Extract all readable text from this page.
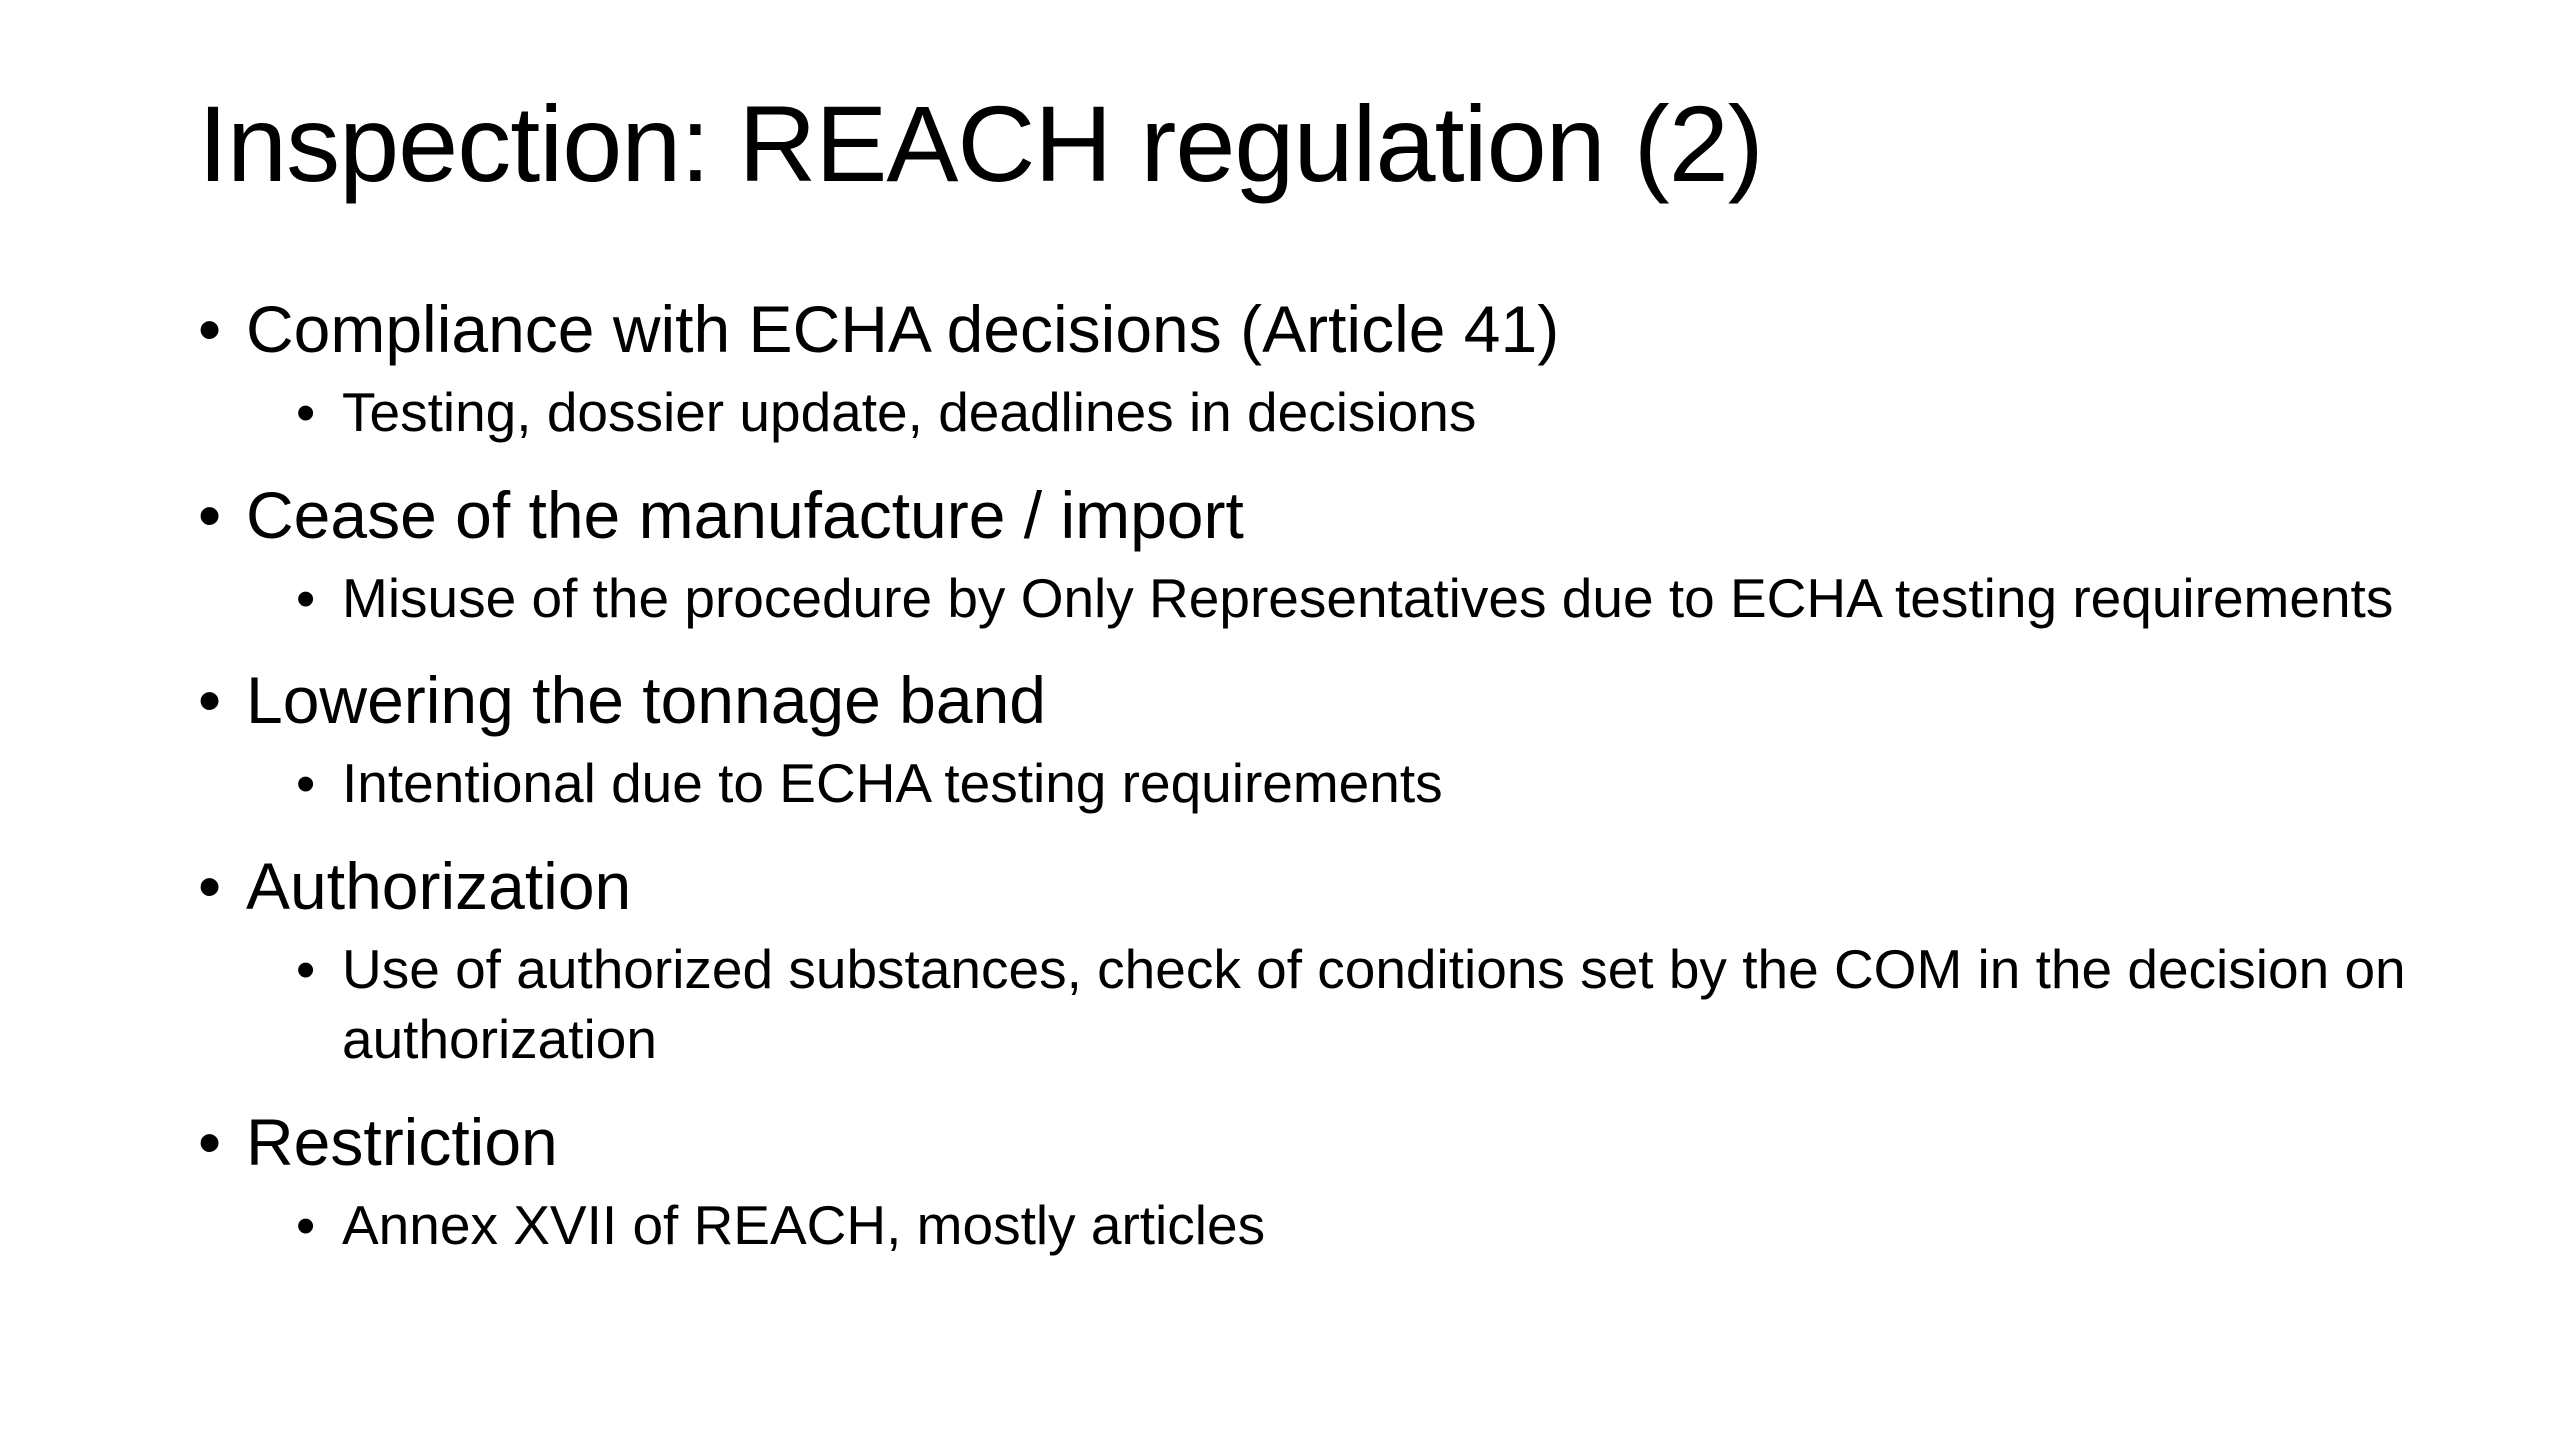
Inspection: REACH regulation (2)
• Compliance with ECHA decisions (Article 41)
• Testing, dossier update, deadlines in decisions
• Cease of the manufacture / import
• Misuse of the procedure by Only Representatives due to ECHA testing requirements
• Lowering the tonnage band
• Intentional due to ECHA testing requirements
• Authorization
• Use of authorized substances, check of conditions set by the COM in the decision on authorization
• Restriction
• Annex XVII of REACH, mostly articles
